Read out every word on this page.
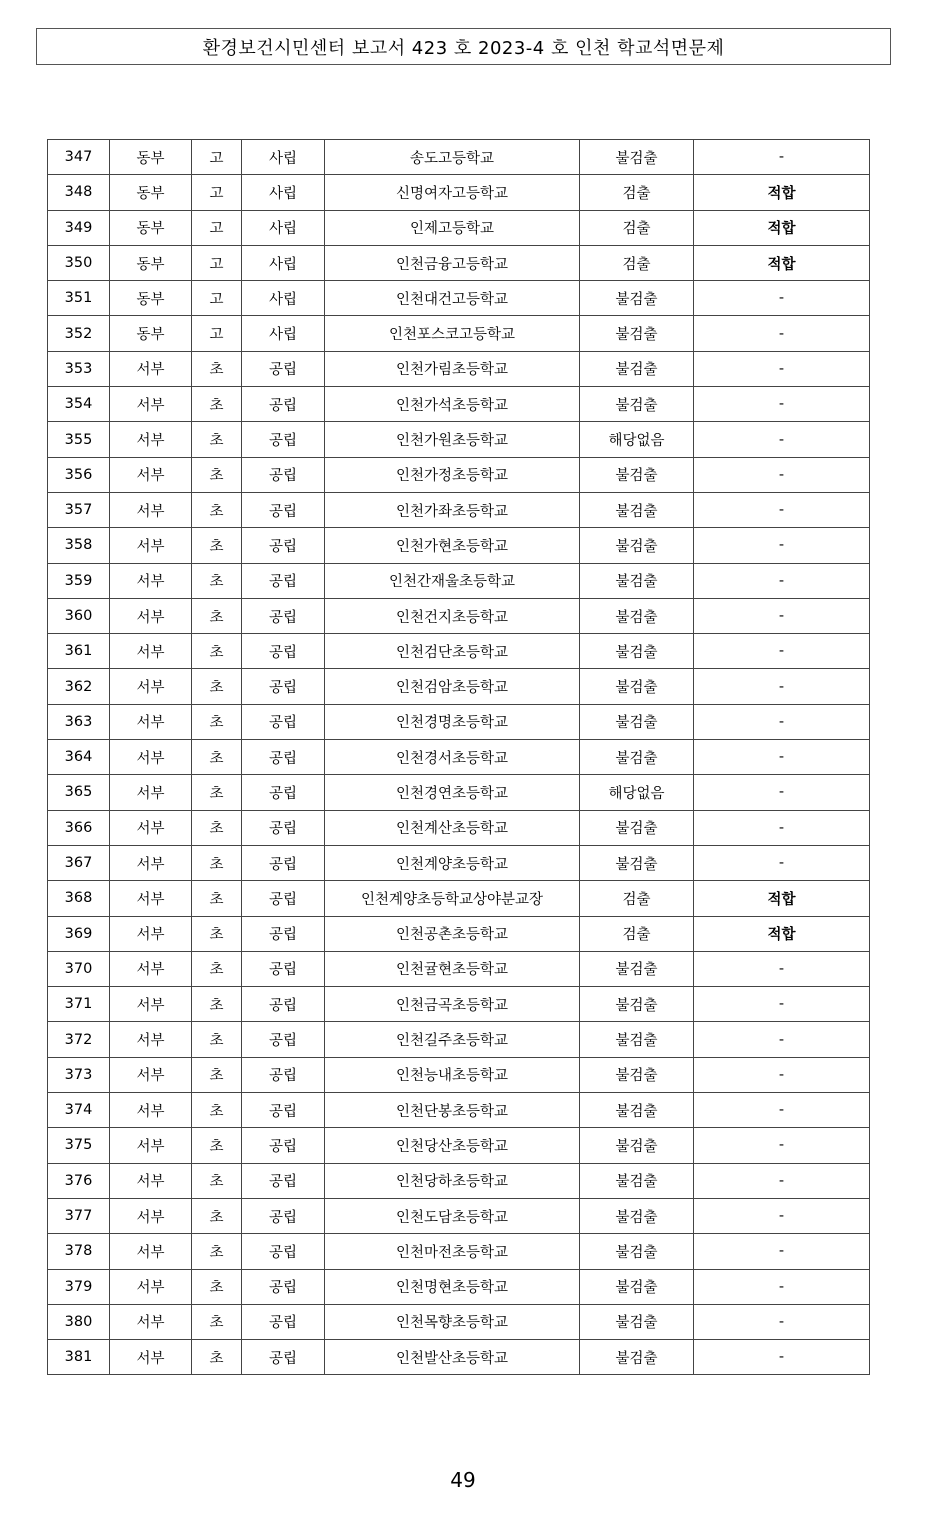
환경보건시민센터 보고서 423 호 2023-4 호 인천 학교석면문제
347	동부	고	사립	송도고등학교	불검출	-
348	동부	고	사립	신명여자고등학교	검출	적합
349	동부	고	사립	인제고등학교	검출	적합
350	동부	고	사립	인천금융고등학교	검출	적합
351	동부	고	사립	인천대건고등학교	불검출	-
352	동부	고	사립	인천포스코고등학교	불검출	-
353	서부	초	공립	인천가림초등학교	불검출	-
354	서부	초	공립	인천가석초등학교	불검출	-
355	서부	초	공립	인천가원초등학교	해당없음	-
356	서부	초	공립	인천가정초등학교	불검출	-
357	서부	초	공립	인천가좌초등학교	불검출	-
358	서부	초	공립	인천가현초등학교	불검출	-
359	서부	초	공립	인천간재울초등학교	불검출	-
360	서부	초	공립	인천건지초등학교	불검출	-
361	서부	초	공립	인천검단초등학교	불검출	-
362	서부	초	공립	인천검암초등학교	불검출	-
363	서부	초	공립	인천경명초등학교	불검출	-
364	서부	초	공립	인천경서초등학교	불검출	-
365	서부	초	공립	인천경연초등학교	해당없음	-
366	서부	초	공립	인천계산초등학교	불검출	-
367	서부	초	공립	인천계양초등학교	불검출	-
368	서부	초	공립	인천계양초등학교상야분교장	검출	적합
369	서부	초	공립	인천공촌초등학교	검출	적합
370	서부	초	공립	인천귤현초등학교	불검출	-
371	서부	초	공립	인천금곡초등학교	불검출	-
372	서부	초	공립	인천길주초등학교	불검출	-
373	서부	초	공립	인천능내초등학교	불검출	-
374	서부	초	공립	인천단봉초등학교	불검출	-
375	서부	초	공립	인천당산초등학교	불검출	-
376	서부	초	공립	인천당하초등학교	불검출	-
377	서부	초	공립	인천도담초등학교	불검출	-
378	서부	초	공립	인천마전초등학교	불검출	-
379	서부	초	공립	인천명현초등학교	불검출	-
380	서부	초	공립	인천목향초등학교	불검출	-
381	서부	초	공립	인천발산초등학교	불검출	-
49
